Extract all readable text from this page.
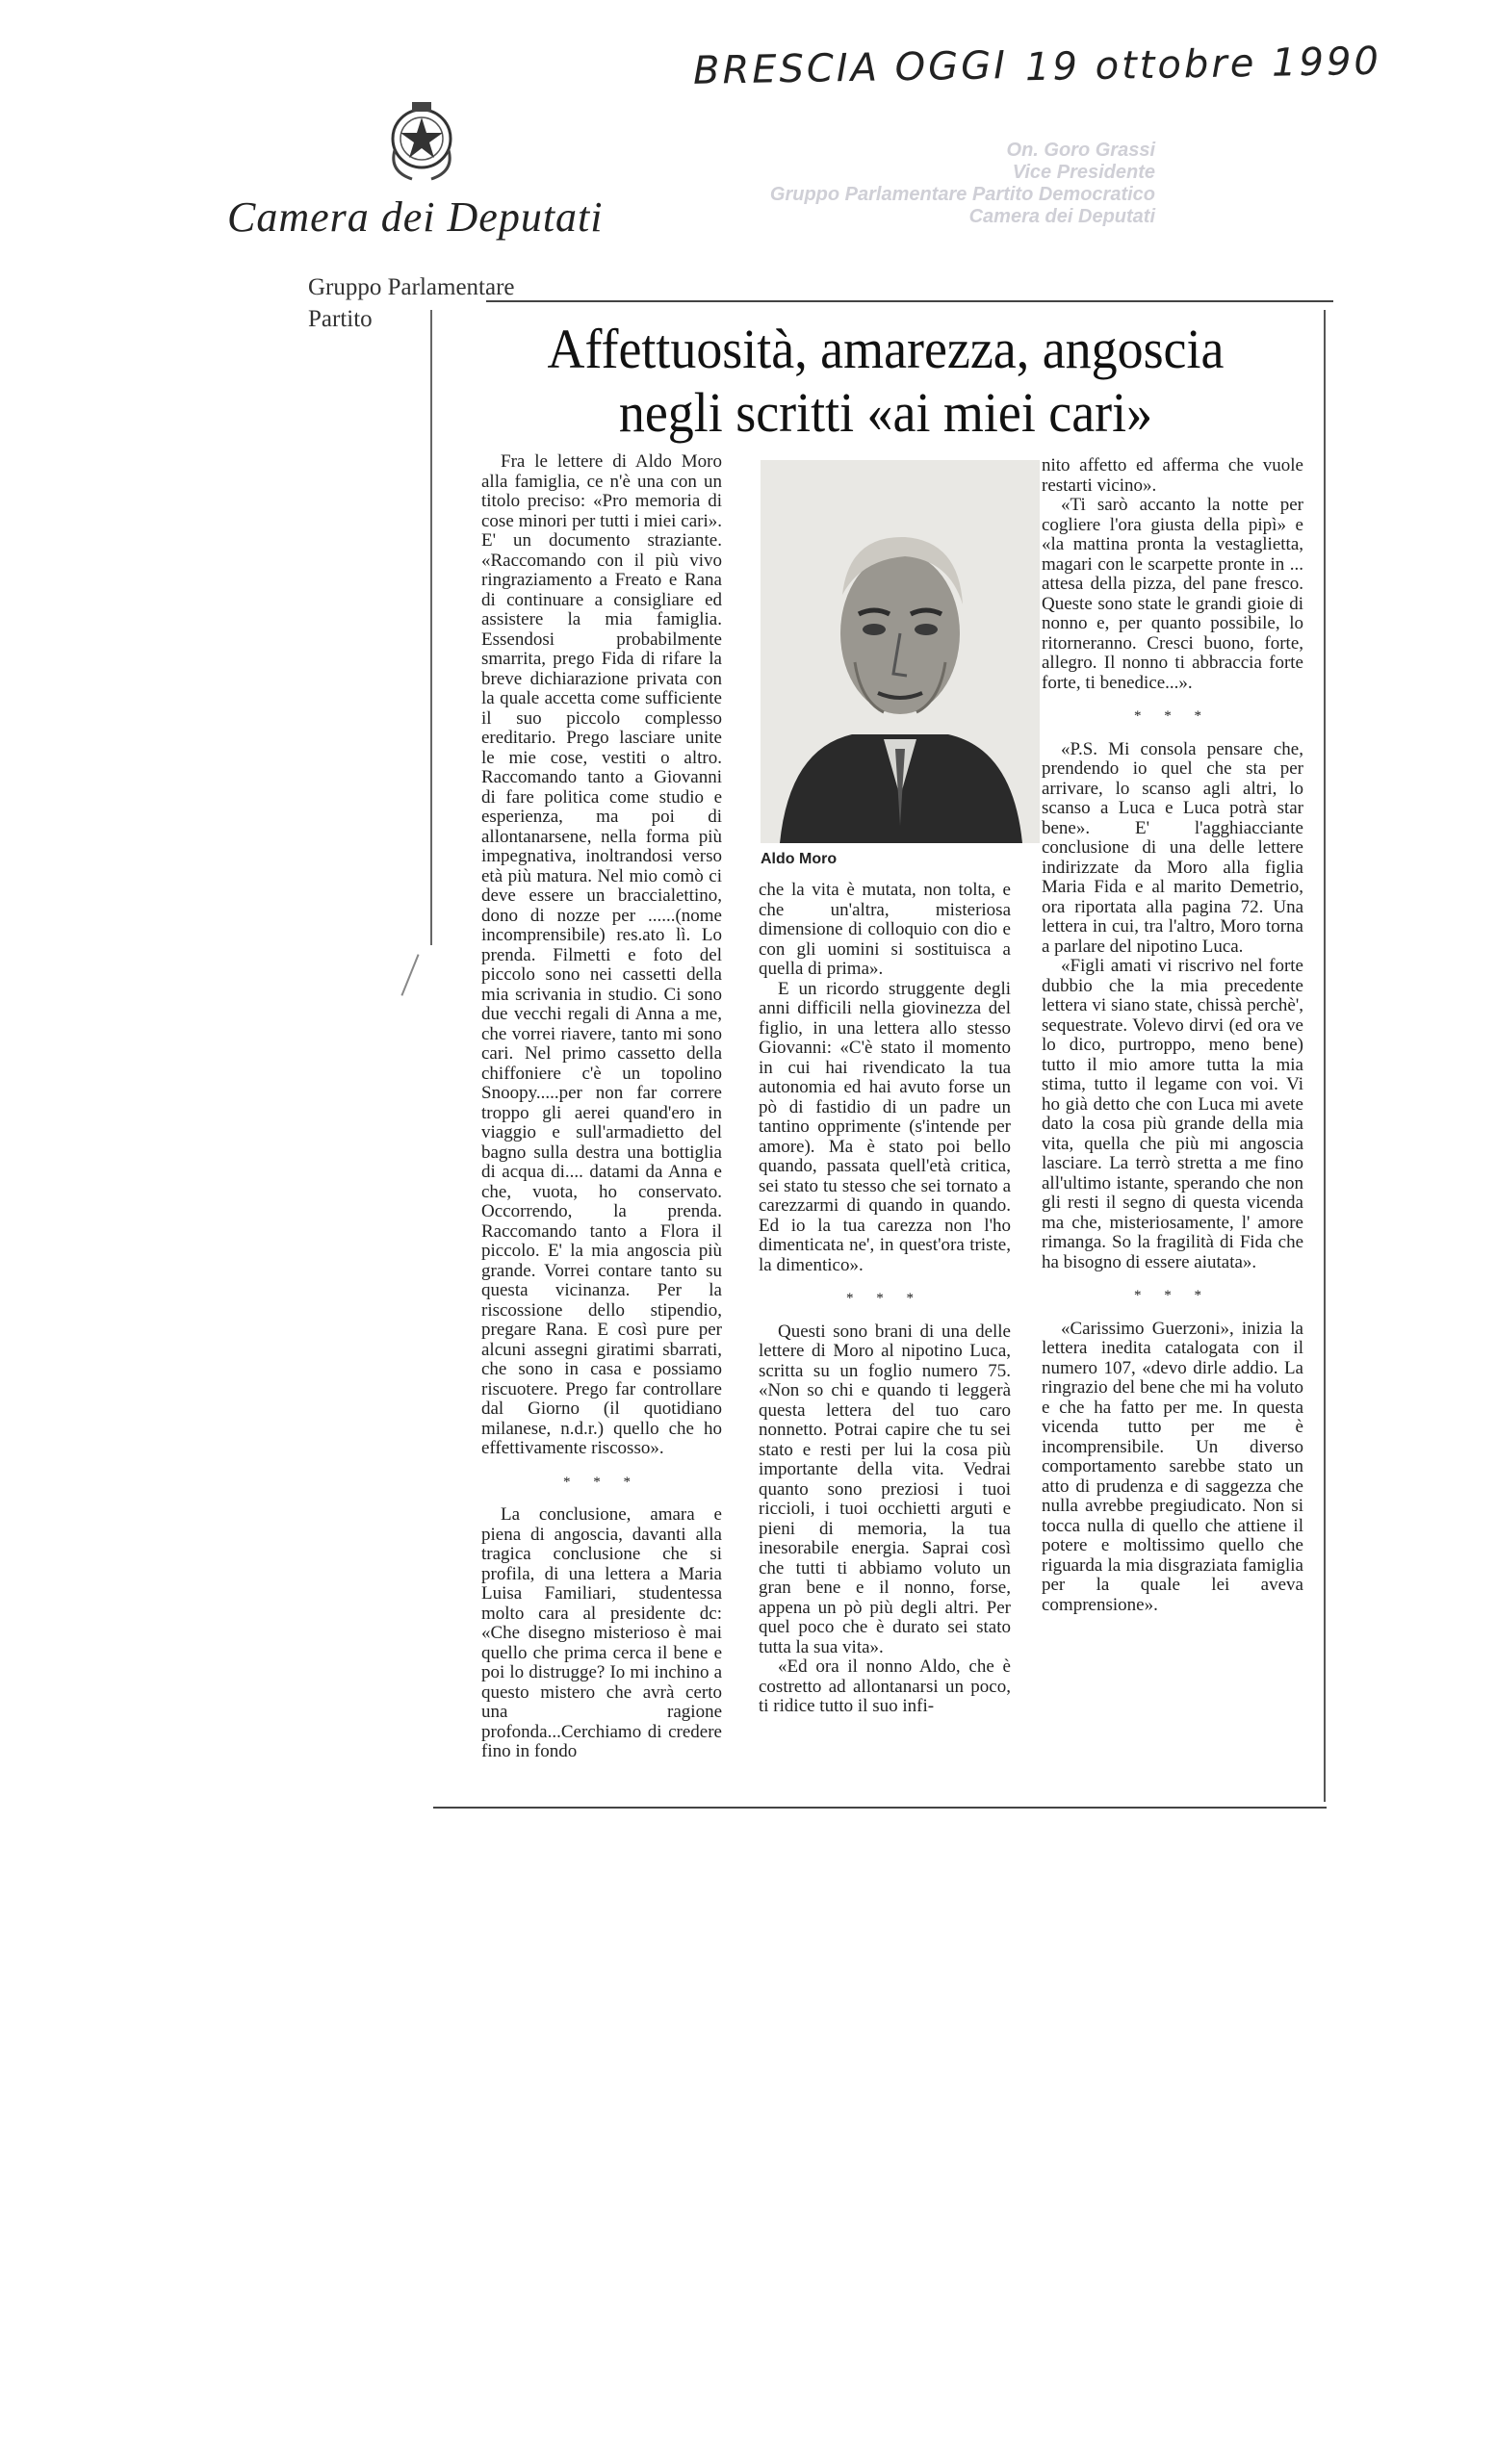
BRESCIA OGGI 19 ottobre 1990
Camera dei Deputati
Gruppo Parlamentare
Partito
On. Goro Grassi
Vice Presidente
Gruppo Parlamentare Partito Democratico
Camera dei Deputati
Affettuosità, amarezza, angoscia
negli scritti «ai miei cari»

Fra le lettere di Aldo Moro alla famiglia, ce n'è una con un titolo preciso: «Pro memoria di cose minori per tutti i miei cari». E' un documento straziante. «Raccomando con il più vivo ringraziamento a Freato e Rana di continuare a consigliare ed assistere la mia famiglia. Essendosi probabilmente smarrita, prego Fida di rifare la breve dichiarazione privata con la quale accetta come sufficiente il suo piccolo complesso ereditario. Prego lasciare unite le mie cose, vestiti o altro. Raccomando tanto a Giovanni di fare politica come studio e esperienza, ma poi di allontanarsene, nella forma più impegnativa, inoltrandosi verso età più matura. Nel mio comò ci deve essere un braccialettino, dono di nozze per ......(nome incomprensibile) res.ato lì. Lo prenda. Filmetti e foto del piccolo sono nei cassetti della mia scrivania in studio. Ci sono due vecchi regali di Anna a me, che vorrei riavere, tanto mi sono cari. Nel primo cassetto della chiffoniere c'è un topolino Snoopy.....per non far correre troppo gli aerei quand'ero in viaggio e sull'armadietto del bagno sulla destra una bottiglia di acqua di.... datami da Anna e che, vuota, ho conservato. Occorrendo, la prenda. Raccomando tanto a Flora il piccolo. E' la mia angoscia più grande. Vorrei contare tanto su questa vicinanza. Per la riscossione dello stipendio, pregare Rana. E così pure per alcuni assegni giratimi sbarrati, che sono in casa e possiamo riscuotere. Prego far controllare dal Giorno (il quotidiano milanese, n.d.r.) quello che ho effettivamente riscosso».

* * *

La conclusione, amara e piena di angoscia, davanti alla tragica conclusione che si profila, di una lettera a Maria Luisa Familiari, studentessa molto cara al presidente dc: «Che disegno misterioso è mai quello che prima cerca il bene e poi lo distrugge? Io mi inchino a questo mistero che avrà certo una ragione profonda...Cerchiamo di credere fino in fondo

Aldo Moro

che la vita è mutata, non tolta, e che un'altra, misteriosa dimensione di colloquio con dio e con gli uomini si sostituisca a quella di prima».

E un ricordo struggente degli anni difficili nella giovinezza del figlio, in una lettera allo stesso Giovanni: «C'è stato il momento in cui hai rivendicato la tua autonomia ed hai avuto forse un pò di fastidio di un padre un tantino opprimente (s'intende per amore). Ma è stato poi bello quando, passata quell'età critica, sei stato tu stesso che sei tornato a carezzarmi di quando in quando. Ed io la tua carezza non l'ho dimenticata ne', in quest'ora triste, la dimentico».

* * *

Questi sono brani di una delle lettere di Moro al nipotino Luca, scritta su un foglio numero 75. «Non so chi e quando ti leggerà questa lettera del tuo caro nonnetto. Potrai capire che tu sei stato e resti per lui la cosa più importante della vita. Vedrai quanto sono preziosi i tuoi riccioli, i tuoi occhietti arguti e pieni di memoria, la tua inesorabile energia. Saprai così che tutti ti abbiamo voluto un gran bene e il nonno, forse, appena un pò più degli altri. Per quel poco che è durato sei stato tutta la sua vita».

«Ed ora il nonno Aldo, che è costretto ad allontanarsi un poco, ti ridice tutto il suo infi-

nito affetto ed afferma che vuole restarti vicino».

«Ti sarò accanto la notte per cogliere l'ora giusta della pipì» e «la mattina pronta la vestaglietta, magari con le scarpette pronte in ... attesa della pizza, del pane fresco. Queste sono state le grandi gioie di nonno e, per quanto possibile, lo ritorneranno. Cresci buono, forte, allegro. Il nonno ti abbraccia forte forte, ti benedice...».

* * *

«P.S. Mi consola pensare che, prendendo io quel che sta per arrivare, lo scanso agli altri, lo scanso a Luca e Luca potrà star bene». E' l'agghiacciante conclusione di una delle lettere indirizzate da Moro alla figlia Maria Fida e al marito Demetrio, ora riportata alla pagina 72. Una lettera in cui, tra l'altro, Moro torna a parlare del nipotino Luca.

«Figli amati vi riscrivo nel forte dubbio che la mia precedente lettera vi siano state, chissà perchè', sequestrate. Volevo dirvi (ed ora ve lo dico, purtroppo, meno bene) tutto il mio amore tutta la mia stima, tutto il legame con voi. Vi ho già detto che con Luca mi avete dato la cosa più grande della mia vita, quella che più mi angoscia lasciare. La terrò stretta a me fino all'ultimo istante, sperando che non gli resti il segno di questa vicenda ma che, misteriosamente, l' amore rimanga. So la fragilità di Fida che ha bisogno di essere aiutata».

* * *

«Carissimo Guerzoni», inizia la lettera inedita catalogata con il numero 107, «devo dirle addio. La ringrazio del bene che mi ha voluto e che ha fatto per me. In questa vicenda tutto per me è incomprensibile. Un diverso comportamento sarebbe stato un atto di prudenza e di saggezza che nulla avrebbe pregiudicato. Non si tocca nulla di quello che attiene il potere e moltissimo quello che riguarda la mia disgraziata famiglia per la quale lei aveva comprensione».
